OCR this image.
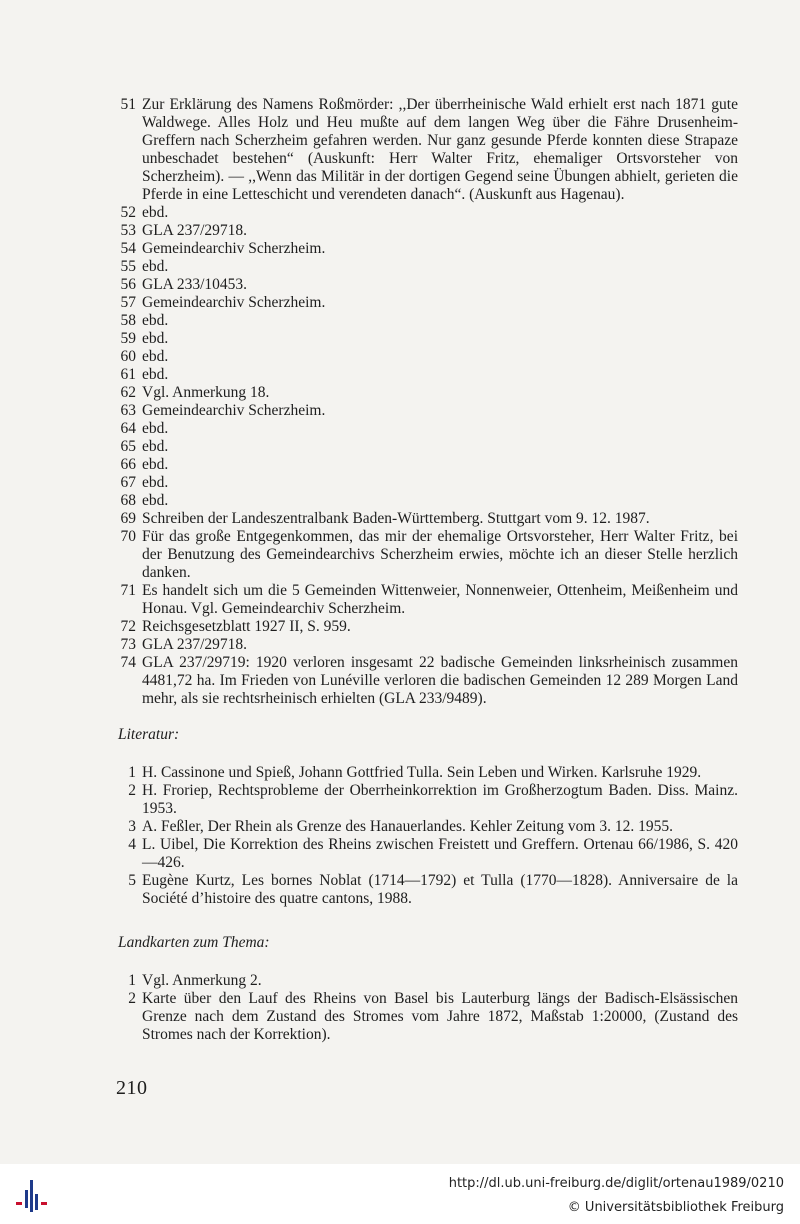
51 Zur Erklärung des Namens Roßmörder: ,,Der überrheinische Wald erhielt erst nach 1871 gute Waldwege. Alles Holz und Heu mußte auf dem langen Weg über die Fähre Drusenheim-Greffern nach Scherzheim gefahren werden. Nur ganz gesunde Pferde konnten diese Strapaze unbeschadet bestehen“ (Auskunft: Herr Walter Fritz, ehemaliger Ortsvorsteher von Scherzheim). — ,,Wenn das Militär in der dortigen Gegend seine Übungen abhielt, gerieten die Pferde in eine Letteschicht und verendeten danach“. (Auskunft aus Hagenau).
52 ebd.
53 GLA 237/29718.
54 Gemeindearchiv Scherzheim.
55 ebd.
56 GLA 233/10453.
57 Gemeindearchiv Scherzheim.
58 ebd.
59 ebd.
60 ebd.
61 ebd.
62 Vgl. Anmerkung 18.
63 Gemeindearchiv Scherzheim.
64 ebd.
65 ebd.
66 ebd.
67 ebd.
68 ebd.
69 Schreiben der Landeszentralbank Baden-Württemberg. Stuttgart vom 9. 12. 1987.
70 Für das große Entgegenkommen, das mir der ehemalige Ortsvorsteher, Herr Walter Fritz, bei der Benutzung des Gemeindearchivs Scherzheim erwies, möchte ich an dieser Stelle herzlich danken.
71 Es handelt sich um die 5 Gemeinden Wittenweier, Nonnenweier, Ottenheim, Meißenheim und Honau. Vgl. Gemeindearchiv Scherzheim.
72 Reichsgesetzblatt 1927 II, S. 959.
73 GLA 237/29718.
74 GLA 237/29719: 1920 verloren insgesamt 22 badische Gemeinden linksrheinisch zusammen 4481,72 ha. Im Frieden von Lunéville verloren die badischen Gemeinden 12 289 Morgen Land mehr, als sie rechtsrheinisch erhielten (GLA 233/9489).
Literatur:
1 H. Cassinone und Spieß, Johann Gottfried Tulla. Sein Leben und Wirken. Karlsruhe 1929.
2 H. Froriep, Rechtsprobleme der Oberrheinkorrektion im Großherzogtum Baden. Diss. Mainz. 1953.
3 A. Feßler, Der Rhein als Grenze des Hanauerlandes. Kehler Zeitung vom 3. 12. 1955.
4 L. Uibel, Die Korrektion des Rheins zwischen Freistett und Greffern. Ortenau 66/1986, S. 420—426.
5 Eugène Kurtz, Les bornes Noblat (1714—1792) et Tulla (1770—1828). Anniversaire de la Société d’histoire des quatre cantons, 1988.
Landkarten zum Thema:
1 Vgl. Anmerkung 2.
2 Karte über den Lauf des Rheins von Basel bis Lauterburg längs der Badisch-Elsässischen Grenze nach dem Zustand des Stromes vom Jahre 1872, Maßstab 1:20000, (Zustand des Stromes nach der Korrektion).
210
http://dl.ub.uni-freiburg.de/diglit/ortenau1989/0210
© Universitätsbibliothek Freiburg
